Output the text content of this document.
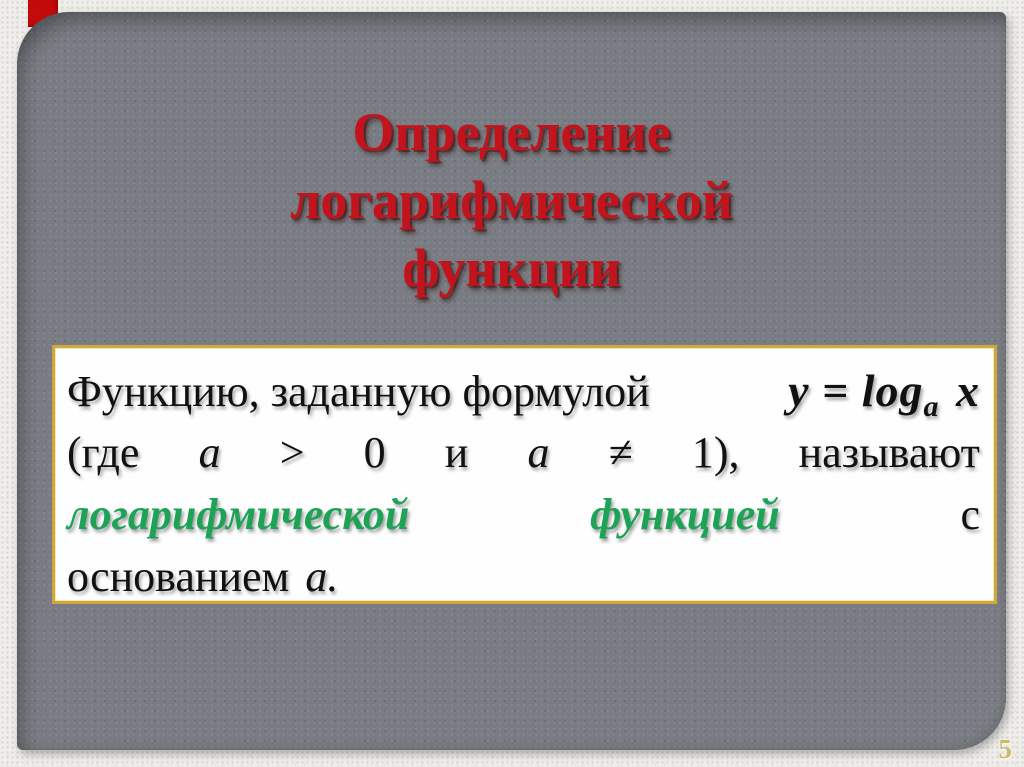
Определение
логарифмической
функции
Функцию, заданную формулой	$y = \log_a x$
(где a > 0 и a ≠ 1), называют
логарифмической	функцией	с
основанием а.
5
